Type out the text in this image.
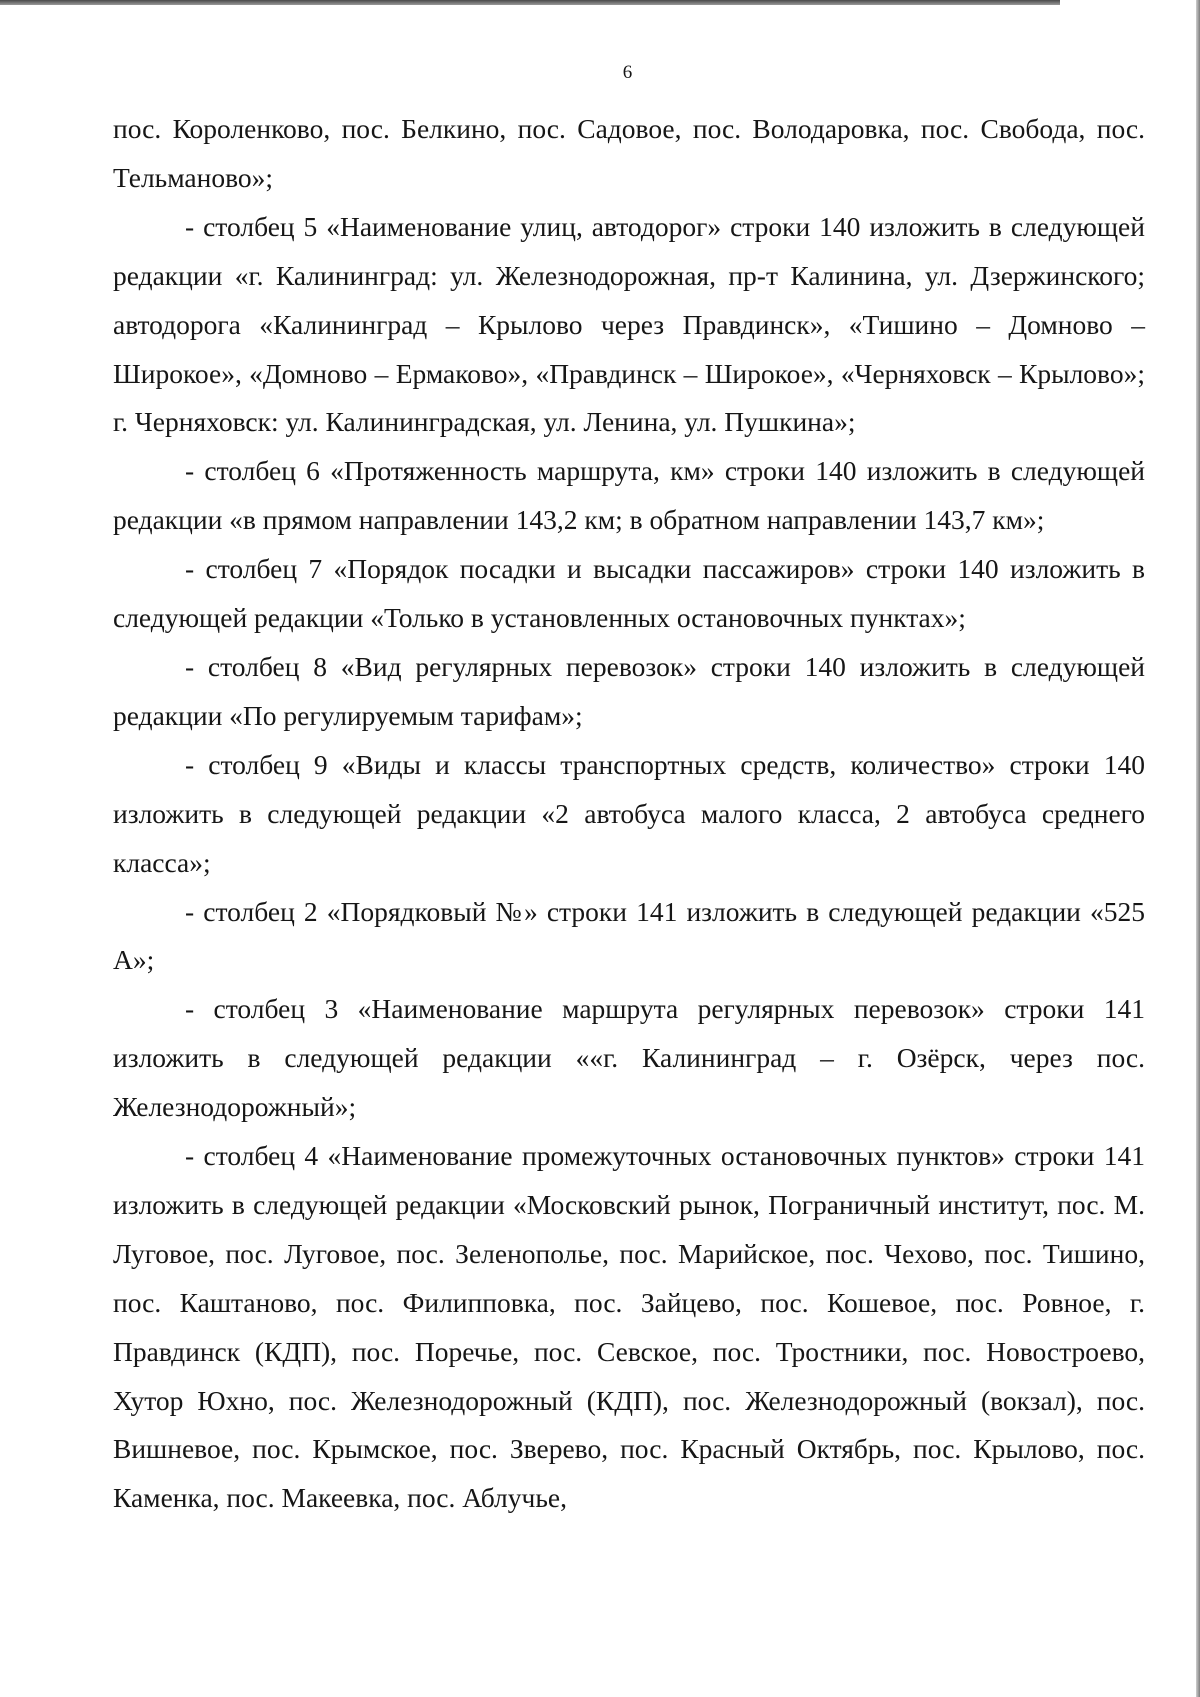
6

пос. Короленково, пос. Белкино, пос. Садовое, пос. Володаровка, пос. Свобода, пос. Тельманово»;

- столбец 5 «Наименование улиц, автодорог» строки 140 изложить в следующей редакции «г. Калининград: ул. Железнодорожная, пр-т Калинина, ул. Дзержинского; автодорога «Калининград – Крылово через Правдинск», «Тишино – Домново – Широкое», «Домново – Ермаково», «Правдинск – Широкое», «Черняховск – Крылово»; г. Черняховск: ул. Калининградская, ул. Ленина, ул. Пушкина»;

- столбец 6 «Протяженность маршрута, км» строки 140 изложить в следующей редакции «в прямом направлении 143,2 км; в обратном направлении 143,7 км»;

- столбец 7 «Порядок посадки и высадки пассажиров» строки 140 изложить в следующей редакции «Только в установленных остановочных пунктах»;

- столбец 8 «Вид регулярных перевозок» строки 140 изложить в следующей редакции «По регулируемым тарифам»;

- столбец 9 «Виды и классы транспортных средств, количество» строки 140 изложить в следующей редакции «2 автобуса малого класса, 2 автобуса среднего класса»;

- столбец 2 «Порядковый №» строки 141 изложить в следующей редакции «525 А»;

- столбец 3 «Наименование маршрута регулярных перевозок» строки 141 изложить в следующей редакции ««г. Калининград – г. Озёрск, через пос. Железнодорожный»;

- столбец 4 «Наименование промежуточных остановочных пунктов» строки 141 изложить в следующей редакции «Московский рынок, Пограничный институт, пос. М. Луговое, пос. Луговое, пос. Зеленополье, пос. Марийское, пос. Чехово, пос. Тишино, пос. Каштаново, пос. Филипповка, пос. Зайцево, пос. Кошевое, пос. Ровное, г. Правдинск (КДП), пос. Поречье, пос. Севское, пос. Тростники, пос. Новостроево, Хутор Юхно, пос. Железнодорожный (КДП), пос. Железнодорожный (вокзал), пос. Вишневое, пос. Крымское, пос. Зверево, пос. Красный Октябрь, пос. Крылово, пос. Каменка, пос. Макеевка, пос. Аблучье,
